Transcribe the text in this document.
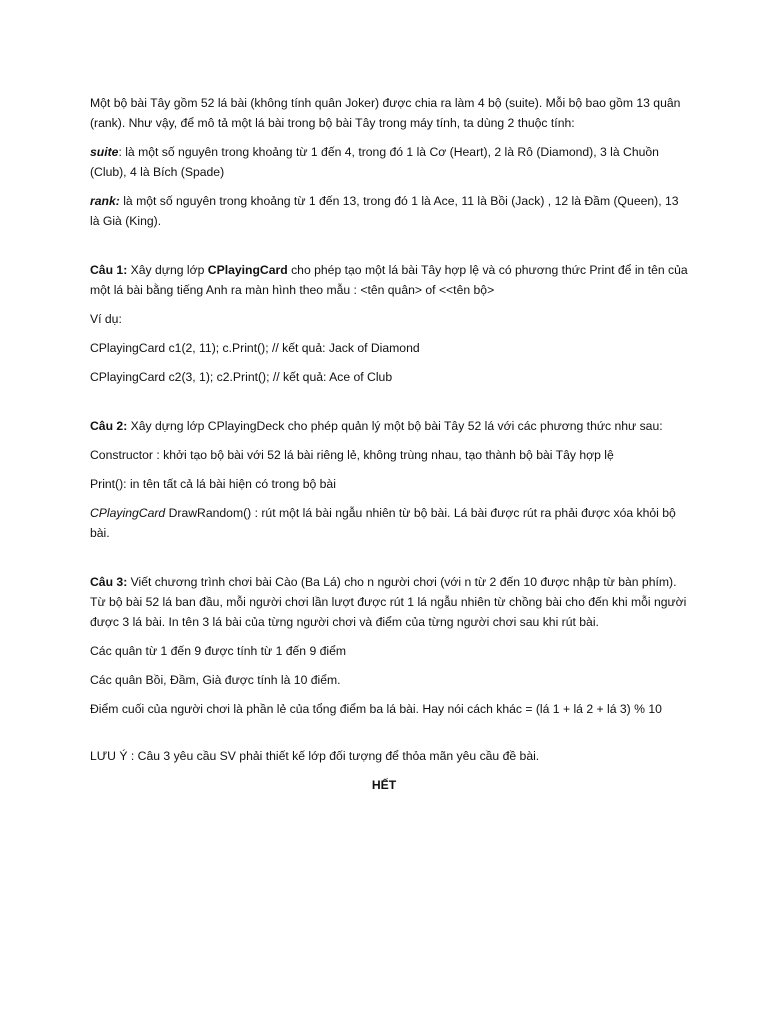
Một bộ bài Tây gồm 52 lá bài (không tính quân Joker) được chia ra làm 4 bộ (suite). Mỗi bộ bao gồm 13 quân (rank). Như vậy, để mô tả một lá bài trong bộ bài Tây trong máy tính, ta dùng 2 thuộc tính:

suite: là một số nguyên trong khoảng từ 1 đến 4, trong đó 1 là Cơ (Heart), 2 là Rô (Diamond), 3 là Chuồn (Club), 4 là Bích (Spade)

rank: là một số nguyên trong khoảng từ 1 đến 13, trong đó 1 là Ace, 11 là Bồi (Jack) , 12 là Đầm (Queen), 13 là Già (King).

Câu 1: Xây dựng lớp CPlayingCard cho phép tạo một lá bài Tây hợp lệ và có phương thức Print để in tên của một lá bài bằng tiếng Anh ra màn hình theo mẫu : <tên quân> of <<tên bộ>

Ví dụ:

CPlayingCard c1(2, 11); c.Print(); // kết quả: Jack of Diamond

CPlayingCard c2(3, 1); c2.Print(); // kết quả: Ace of Club

Câu 2: Xây dựng lớp CPlayingDeck cho phép quản lý một bộ bài Tây 52 lá với các phương thức như sau:

Constructor : khởi tạo bộ bài với 52 lá bài riêng lẻ, không trùng nhau, tạo thành bộ bài Tây hợp lệ

Print(): in tên tất cả lá bài hiện có trong bộ bài

CPlayingCard DrawRandom() : rút một lá bài ngẫu nhiên từ bộ bài. Lá bài được rút ra phải được xóa khỏi bộ bài.

Câu 3: Viết chương trình chơi bài Cào (Ba Lá) cho n người chơi (với n từ 2 đến 10 được nhập từ bàn phím). Từ bộ bài 52 lá ban đầu, mỗi người chơi lần lượt được rút 1 lá ngẫu nhiên từ chồng bài cho đến khi mỗi người được 3 lá bài. In tên 3 lá bài của từng người chơi và điểm của từng người chơi sau khi rút bài.

Các quân từ 1 đến 9 được tính từ 1 đến 9 điểm

Các quân Bồi, Đầm, Già được tính là 10 điểm.

Điểm cuối của người chơi là phần lẻ của tổng điểm ba lá bài. Hay nói cách khác = (lá 1 + lá 2 + lá 3) % 10

LƯU Ý : Câu 3 yêu cầu SV phải thiết kế lớp đối tượng để thỏa mãn yêu cầu đề bài.

HẾT
